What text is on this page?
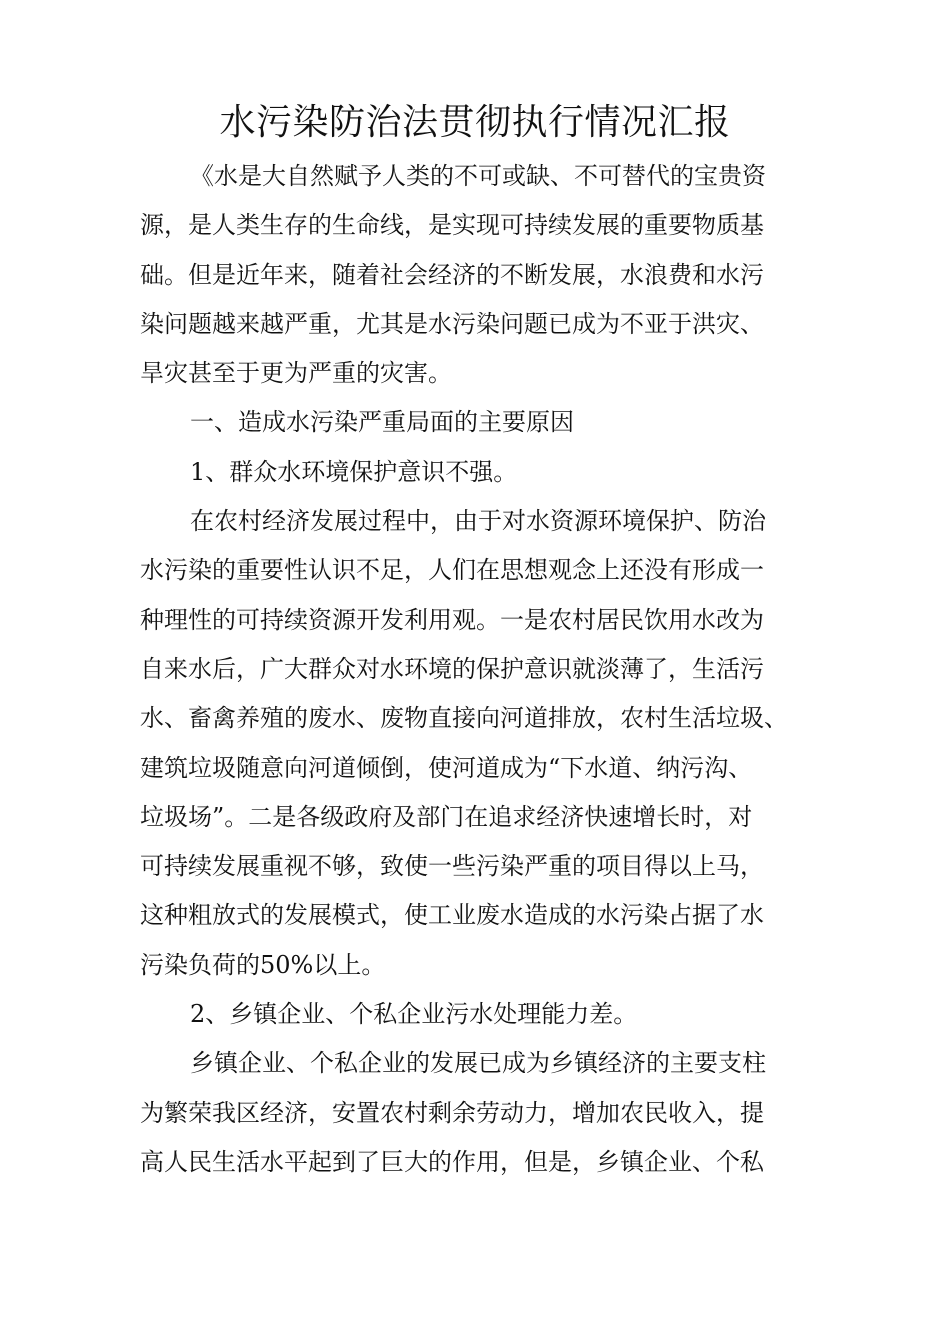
水污染防治法贯彻执行情况汇报
《水是大自然赋予人类的不可或缺、不可替代的宝贵资
源，是人类生存的生命线，是实现可持续发展的重要物质基
础。但是近年来，随着社会经济的不断发展，水浪费和水污
染问题越来越严重，尤其是水污染问题已成为不亚于洪灾、
旱灾甚至于更为严重的灾害。
一、造成水污染严重局面的主要原因
1、群众水环境保护意识不强。
在农村经济发展过程中，由于对水资源环境保护、防治
水污染的重要性认识不足，人们在思想观念上还没有形成一
种理性的可持续资源开发利用观。一是农村居民饮用水改为
自来水后，广大群众对水环境的保护意识就淡薄了，生活污
水、畜禽养殖的废水、废物直接向河道排放，农村生活垃圾、
建筑垃圾随意向河道倾倒，使河道成为“下水道、纳污沟、
垃圾场”。二是各级政府及部门在追求经济快速增长时，对
可持续发展重视不够，致使一些污染严重的项目得以上马，
这种粗放式的发展模式，使工业废水造成的水污染占据了水
污染负荷的50%以上。
2、乡镇企业、个私企业污水处理能力差。
乡镇企业、个私企业的发展已成为乡镇经济的主要支柱
为繁荣我区经济，安置农村剩余劳动力，增加农民收入，提
高人民生活水平起到了巨大的作用，但是，乡镇企业、个私
